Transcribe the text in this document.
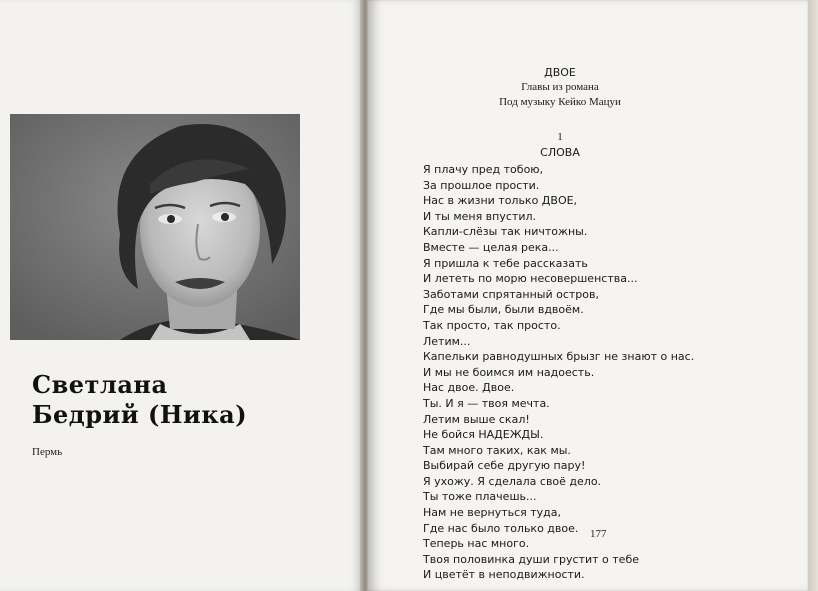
Светлана
Бедрий (Ника)
Пермь
ДВОЕ
Главы из романа
Под музыку Кейко Мацуи
1
СЛОВА
Я плачу пред тобою,
За прошлое прости.
Нас в жизни только ДВОЕ,
И ты меня впустил.
Капли-слёзы так ничтожны.
Вместе — целая река...
Я пришла к тебе рассказать
И лететь по морю несовершенства...
Заботами спрятанный остров,
Где мы были, были вдвоём.
Так просто, так просто.
Летим...
Капельки равнодушных брызг не знают о нас.
И мы не боимся им надоесть.
Нас двое. Двое.
Ты. И я — твоя мечта.
Летим выше скал!
Не бойся НАДЕЖДЫ.
Там много таких, как мы.
Выбирай себе другую пару!
Я ухожу. Я сделала своё дело.
Ты тоже плачешь...
Нам не вернуться туда,
Где нас было только двое.
Теперь нас много.
Твоя половинка души грустит о тебе
И цветёт в неподвижности.
177
